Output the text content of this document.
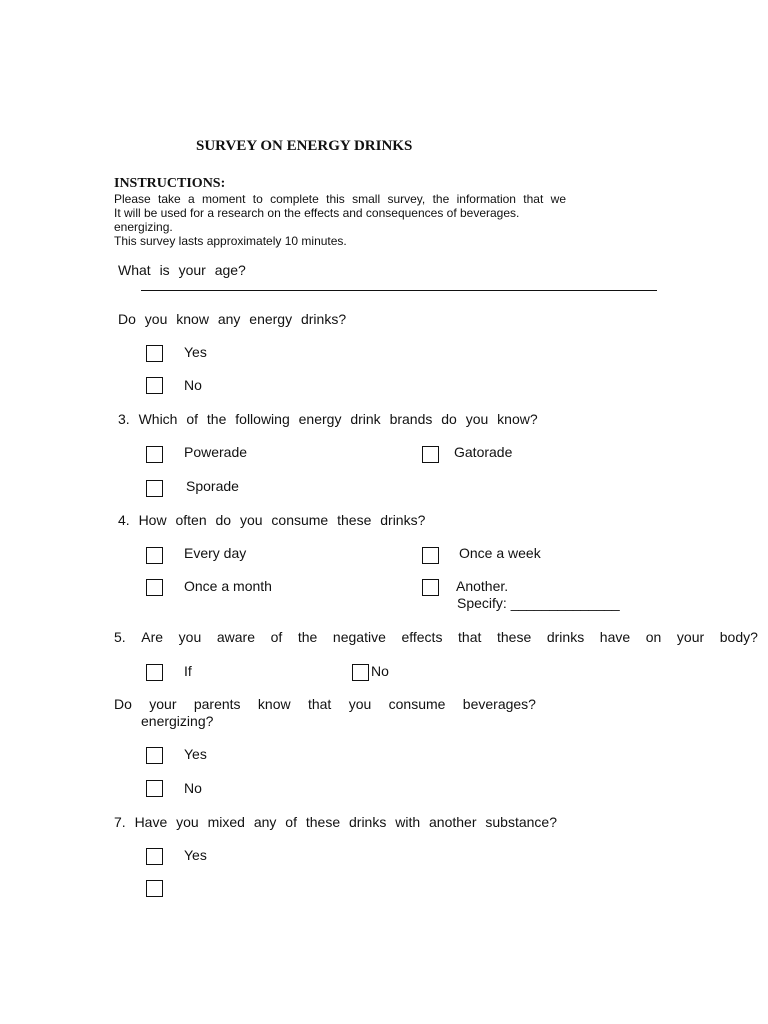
SURVEY ON ENERGY DRINKS
INSTRUCTIONS:
Please take a moment to complete this small survey, the information that we
It will be used for a research on the effects and consequences of beverages.
energizing.
This survey lasts approximately 10 minutes.
What is your age?
Do you know any energy drinks?
Yes
No
3. Which of the following energy drink brands do you know?
Powerade	Gatorade
Sporade
4. How often do you consume these drinks?
Every day	Once a week
Once a month	Another.
Specify: ______________
5. Are you aware of the negative effects that these drinks have on your body?
If	No
Do your parents know that you consume beverages?
energizing?
Yes
No
7. Have you mixed any of these drinks with another substance?
Yes
